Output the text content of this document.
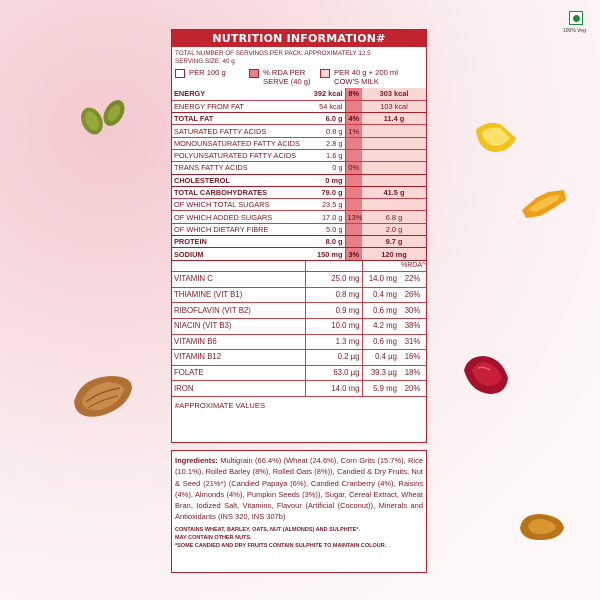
100% Veg
NUTRITION INFORMATION#
TOTAL NUMBER OF SERVINGS PER PACK: APPROXIMATELY 12.5
SERVING SIZE: 40 g
PER 100 g	% RDA PER SERVE (40 g)
PER 40 g + 200 ml COW'S MILK
ENERGY	392 kcal	8%	303 kcal
ENERGY FROM FAT	54 kcal		103 kcal
TOTAL FAT	6.0 g	4%	11.4 g
SATURATED FATTY ACIDS	0.8 g	1%	
MONOUNSATURATED FATTY ACIDS	2.8 g		
POLYUNSATURATED FATTY ACIDS	1.6 g		
TRANS FATTY ACIDS	0 g	0%	
CHOLESTEROL	0 mg		
TOTAL CARBOHYDRATES	79.0 g		41.5 g
OF WHICH TOTAL SUGARS	23.5 g		
OF WHICH ADDED SUGARS	17.0 g	13%	6.8 g
OF WHICH DIETARY FIBRE	5.0 g		2.0 g
PROTEIN	8.0 g		9.7 g
SODIUM	150 mg	3%	120 mg
			%RDA^
VITAMIN C	25.0 mg	14.0 mg	22%
THIAMINE (VIT B1)	0.8 mg	0.4 mg	26%
RIBOFLAVIN (VIT B2)	0.9 mg	0.6 mg	30%
NIACIN (VIT B3)	10.0 mg	4.2 mg	38%
VITAMIN B6	1.3 mg	0.6 mg	31%
VITAMIN B12	0.2 µg	0.4 µg	16%
FOLATE	63.0 µg	39.3 µg	18%
IRON	14.0 mg	5.9 mg	20%
#APPROXIMATE VALUES
Ingredients: Multigrain (66.4%) (Wheat (24.6%), Corn Grits (15.7%), Rice (10.1%), Rolled Barley (8%), Rolled Oats (8%)), Candied & Dry Fruits, Nut & Seed (21%*) (Candied Papaya (6%), Candied Cranberry (4%), Raisins (4%), Almonds (4%), Pumpkin Seeds (3%)), Sugar, Cereal Extract, Wheat Bran, Iodized Salt, Vitamins, Flavour (Artificial (Coconut)), Minerals and Antioxidants (INS 320, INS 307b)
CONTAINS WHEAT, BARLEY, OATS, NUT (ALMONDS) AND SULPHITE*.
MAY CONTAIN OTHER NUTS.
*SOME CANDIED AND DRY FRUITS CONTAIN SULPHITE TO MAINTAIN COLOUR.
